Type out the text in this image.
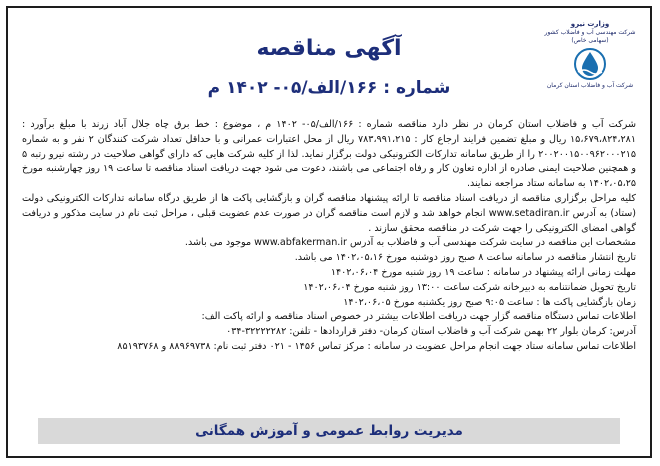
وزارت نیرو
شرکت مهندسی آب و فاضلاب کشور
(سهامی خاص)
شرکت آب و فاضلاب استان کرمان
آگهی مناقصه
شماره : ۱۶۶/الف/۰۵- ۱۴۰۲ م

شرکت آب و فاضلاب استان کرمان در نظر دارد مناقصه شماره : ۱۶۶/الف/۰۵- ۱۴۰۲ م ، موضوع : خط برق چاه جلال آباد زرند با مبلغ برآورد : ۱۵،۶۷۹،۸۲۴،۲۸۱ ریال و مبلغ تضمین فرایند ارجاع کار : ۷۸۳،۹۹۱،۲۱۵ ریال از محل اعتبارات عمرانی و با حداقل تعداد شرکت کنندگان ۲ نفر و به شماره ۲۰۰۲۰۰۱۵۰۰۹۶۲۰۰۰۲۱۵ را از طریق سامانه تدارکات الکترونیکی دولت برگزار نماید. لذا از کلیه شرکت هایی که دارای گواهی صلاحیت در رشته نیرو رتبه ۵ و همچنین صلاحیت ایمنی صادره از اداره تعاون کار و رفاه اجتماعی می باشند، دعوت می شود جهت دریافت اسناد مناقصه تا ساعت ۱۹ روز چهارشنبه مورخ ۱۴۰۲،۰۵،۲۵ به سامانه ستاد مراجعه نمایند.

کلیه مراحل برگزاری مناقصه از دریافت اسناد مناقصه تا ارائه پیشنهاد مناقصه گران و بازگشایی پاکت ها از طریق درگاه سامانه تدارکات الکترونیکی دولت (ستاد) به آدرس www.setadiran.ir انجام خواهد شد و لازم است مناقصه گران در صورت عدم عضویت قبلی ، مراحل ثبت نام در سایت مذکور و دریافت گواهی امضای الکترونیکی را جهت شرکت در مناقصه محقق سازند .

مشخصات این مناقصه در سایت شرکت مهندسی آب و فاضلاب به آدرس www.abfakerman.ir موجود می باشد.

تاریخ انتشار مناقصه در سامانه ساعت ۸ صبح روز دوشنبه مورخ ۱۴۰۲،۰۵،۱۶ می باشد.

مهلت زمانی ارائه پیشنهاد در سامانه : ساعت ۱۹ روز شنبه مورخ ۱۴۰۲،۰۶،۰۴

تاریخ تحویل ضمانتنامه به دبیرخانه شرکت ساعت ۱۳:۰۰ روز شنبه مورخ ۱۴۰۲،۰۶،۰۴

زمان بازگشایی پاکت ها : ساعت ۹:۰۵ صبح روز یکشنبه مورخ ۱۴۰۲،۰۶،۰۵

اطلاعات تماس دستگاه مناقصه گزار جهت دریافت اطلاعات بیشتر در خصوص اسناد مناقصه و ارائه پاکت الف:

آدرس: کرمان بلوار ۲۲ بهمن شرکت آب و فاضلاب استان کرمان- دفتر قراردادها - تلفن: ۳۲۲۲۲۲۸۲-۰۳۴

اطلاعات تماس سامانه ستاد جهت انجام مراحل عضویت در سامانه : مرکز تماس ۱۴۵۶ - ۰۲۱ دفتر ثبت نام: ۸۸۹۶۹۷۳۸ و ۸۵۱۹۳۷۶۸

مدیریت روابط عمومی و آموزش همگانی
